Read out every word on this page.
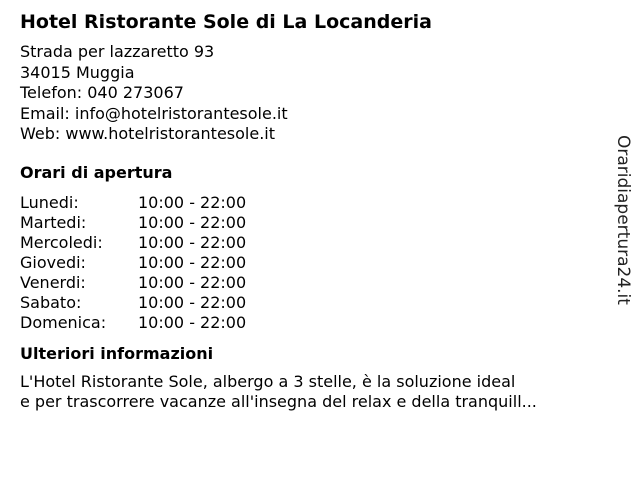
Hotel Ristorante Sole di La Locanderia
Strada per lazzaretto 93
34015 Muggia
Telefon: 040 273067
Email: info@hotelristorantesole.it
Web: www.hotelristorantesole.it
Orari di apertura
Lunedi:	10:00 - 22:00
Martedi:	10:00 - 22:00
Mercoledi:	10:00 - 22:00
Giovedi:	10:00 - 22:00
Venerdi:	10:00 - 22:00
Sabato:	10:00 - 22:00
Domenica:	10:00 - 22:00
Ulteriori informazioni
L'Hotel Ristorante Sole, albergo a 3 stelle, è la soluzione ideal
e per trascorrere vacanze all'insegna del relax e della tranquill...
Oraridiapertura24.it
